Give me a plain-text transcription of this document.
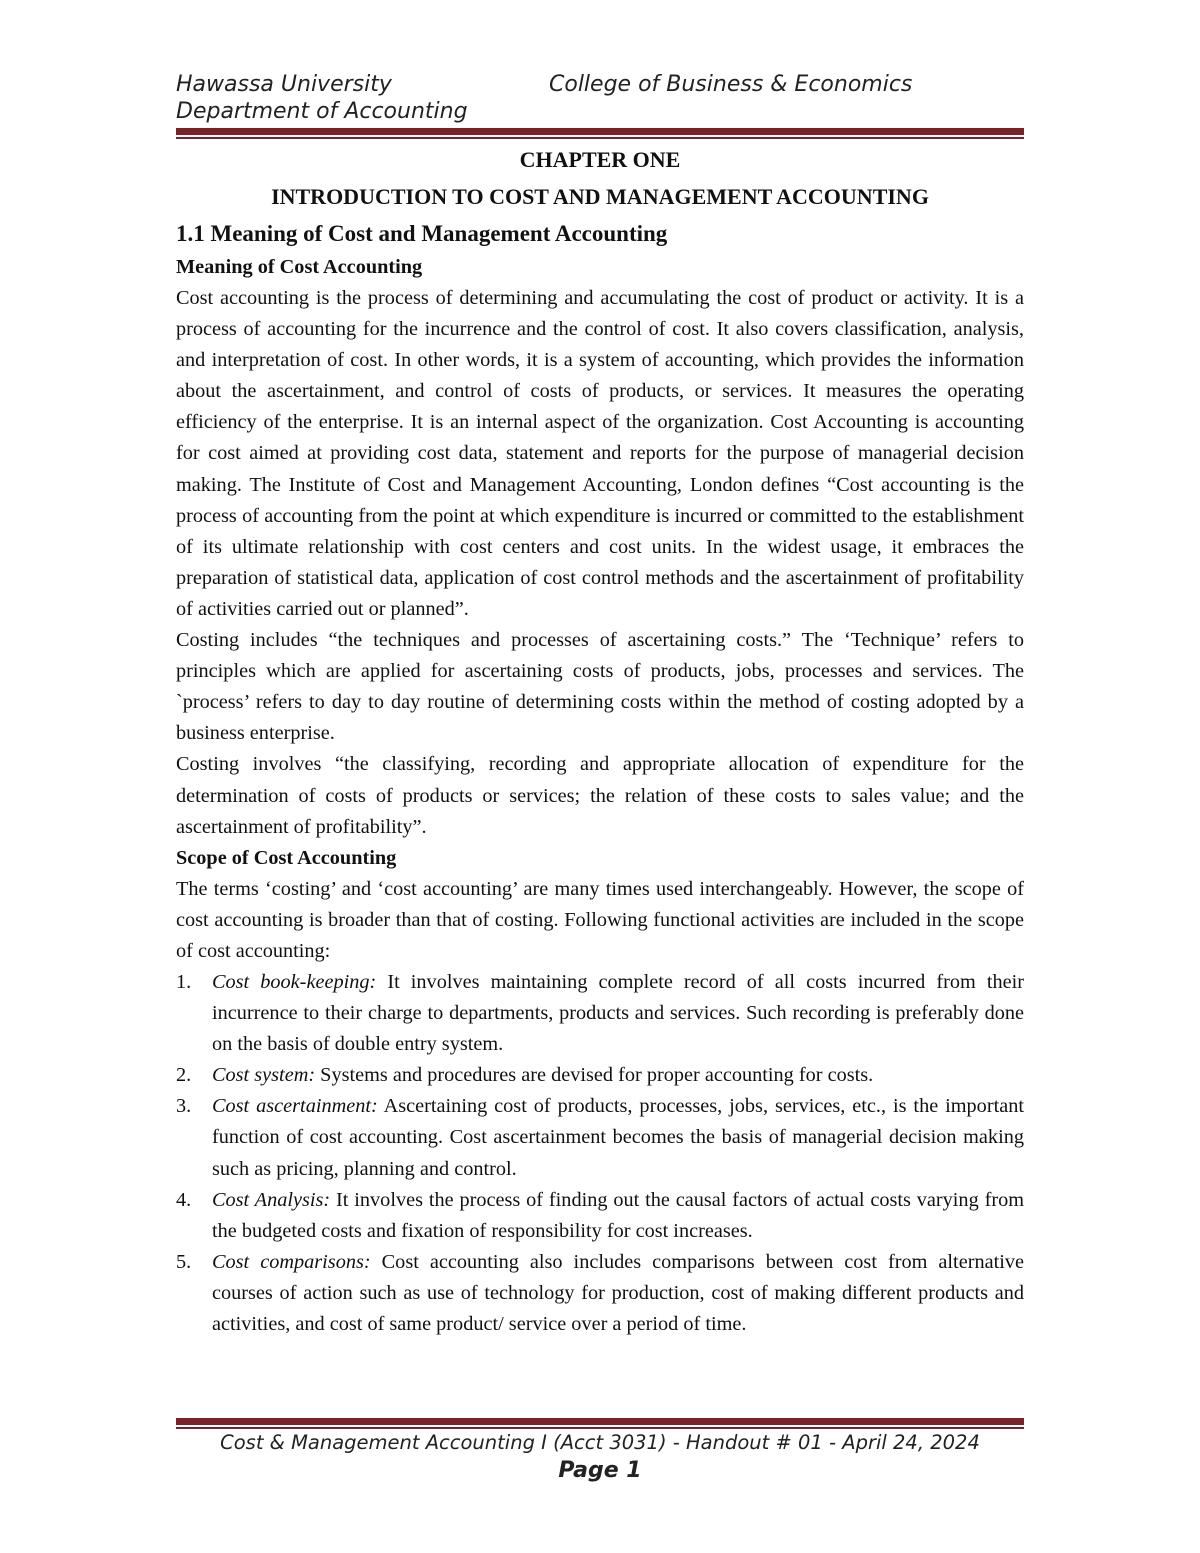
Hawassa University	College of Business & Economics
Department of Accounting
CHAPTER ONE
INTRODUCTION TO COST AND MANAGEMENT ACCOUNTING
1.1 Meaning of Cost and Management Accounting
Meaning of Cost Accounting

Cost accounting is the process of determining and accumulating the cost of product or activity. It is a process of accounting for the incurrence and the control of cost. It also covers classification, analysis, and interpretation of cost. In other words, it is a system of accounting, which provides the information about the ascertainment, and control of costs of products, or services. It measures the operating efficiency of the enterprise. It is an internal aspect of the organization. Cost Accounting is accounting for cost aimed at providing cost data, statement and reports for the purpose of managerial decision making. The Institute of Cost and Management Accounting, London defines “Cost accounting is the process of accounting from the point at which expenditure is incurred or committed to the establishment of its ultimate relationship with cost centers and cost units. In the widest usage, it embraces the preparation of statistical data, application of cost control methods and the ascertainment of profitability of activities carried out or planned”.

Costing includes “the techniques and processes of ascertaining costs.” The ‘Technique’ refers to principles which are applied for ascertaining costs of products, jobs, processes and services. The `process’ refers to day to day routine of determining costs within the method of costing adopted by a business enterprise.

Costing involves “the classifying, recording and appropriate allocation of expenditure for the determination of costs of products or services; the relation of these costs to sales value; and the ascertainment of profitability”.

Scope of Cost Accounting

The terms ‘costing’ and ‘cost accounting’ are many times used interchangeably. However, the scope of cost accounting is broader than that of costing. Following functional activities are included in the scope of cost accounting:

1. Cost book-keeping: It involves maintaining complete record of all costs incurred from their incurrence to their charge to departments, products and services. Such recording is preferably done on the basis of double entry system.
2. Cost system: Systems and procedures are devised for proper accounting for costs.
3. Cost ascertainment: Ascertaining cost of products, processes, jobs, services, etc., is the important function of cost accounting. Cost ascertainment becomes the basis of managerial decision making such as pricing, planning and control.
4. Cost Analysis: It involves the process of finding out the causal factors of actual costs varying from the budgeted costs and fixation of responsibility for cost increases.
5. Cost comparisons: Cost accounting also includes comparisons between cost from alternative courses of action such as use of technology for production, cost of making different products and activities, and cost of same product/ service over a period of time.
Cost & Management Accounting I (Acct 3031) - Handout # 01 - April 24, 2024
Page 1
